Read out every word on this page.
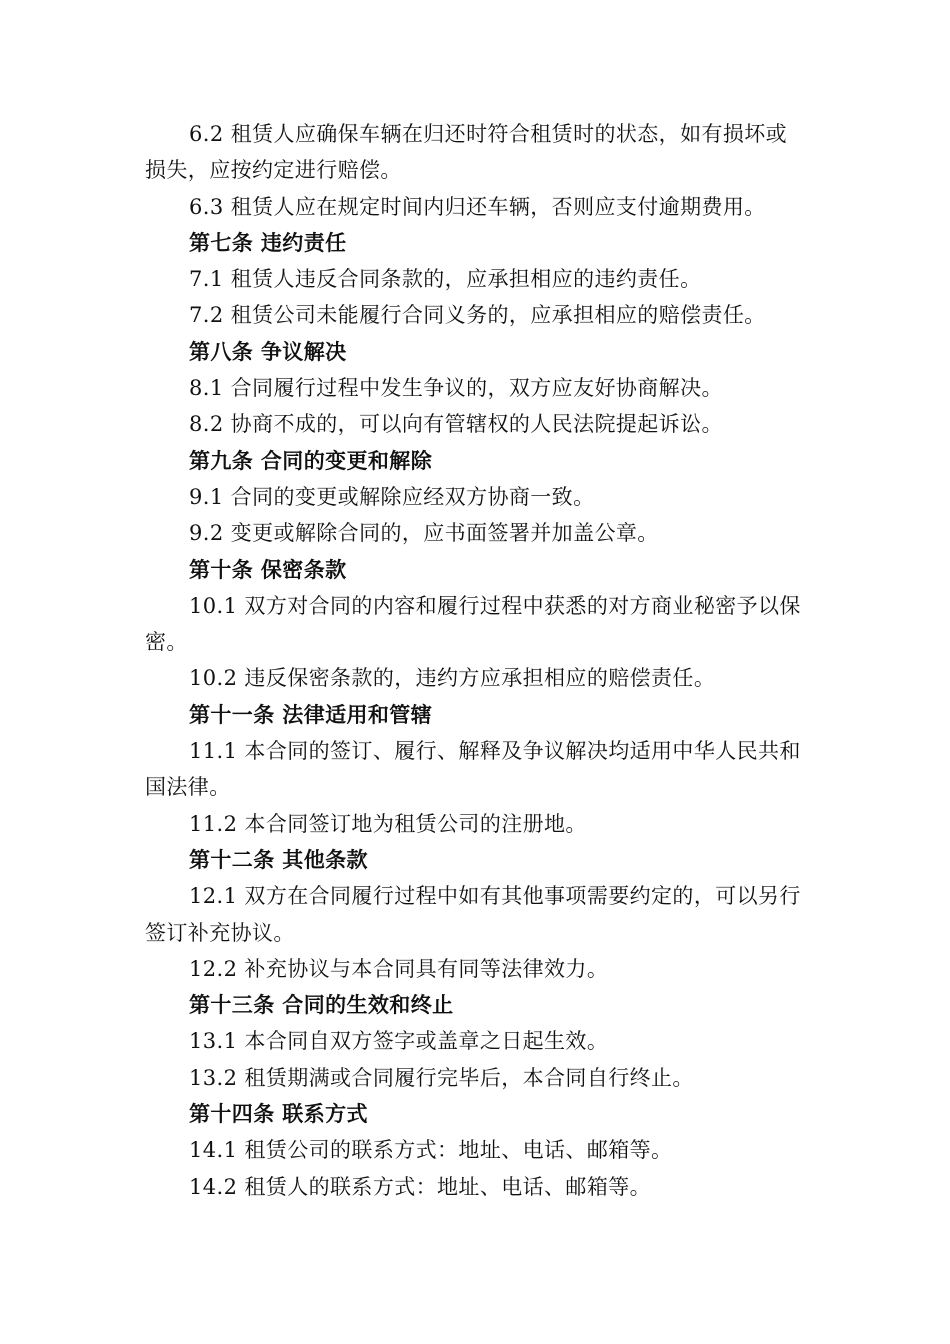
6.2 租赁人应确保车辆在归还时符合租赁时的状态，如有损坏或损失，应按约定进行赔偿。

6.3 租赁人应在规定时间内归还车辆，否则应支付逾期费用。

第七条 违约责任

7.1 租赁人违反合同条款的，应承担相应的违约责任。

7.2 租赁公司未能履行合同义务的，应承担相应的赔偿责任。

第八条 争议解决

8.1 合同履行过程中发生争议的，双方应友好协商解决。

8.2 协商不成的，可以向有管辖权的人民法院提起诉讼。

第九条 合同的变更和解除

9.1 合同的变更或解除应经双方协商一致。

9.2 变更或解除合同的，应书面签署并加盖公章。

第十条 保密条款

10.1 双方对合同的内容和履行过程中获悉的对方商业秘密予以保密。

10.2 违反保密条款的，违约方应承担相应的赔偿责任。

第十一条 法律适用和管辖

11.1 本合同的签订、履行、解释及争议解决均适用中华人民共和国法律。

11.2 本合同签订地为租赁公司的注册地。

第十二条 其他条款

12.1 双方在合同履行过程中如有其他事项需要约定的，可以另行签订补充协议。

12.2 补充协议与本合同具有同等法律效力。

第十三条 合同的生效和终止

13.1 本合同自双方签字或盖章之日起生效。

13.2 租赁期满或合同履行完毕后，本合同自行终止。

第十四条 联系方式

14.1 租赁公司的联系方式：地址、电话、邮箱等。

14.2 租赁人的联系方式：地址、电话、邮箱等。
